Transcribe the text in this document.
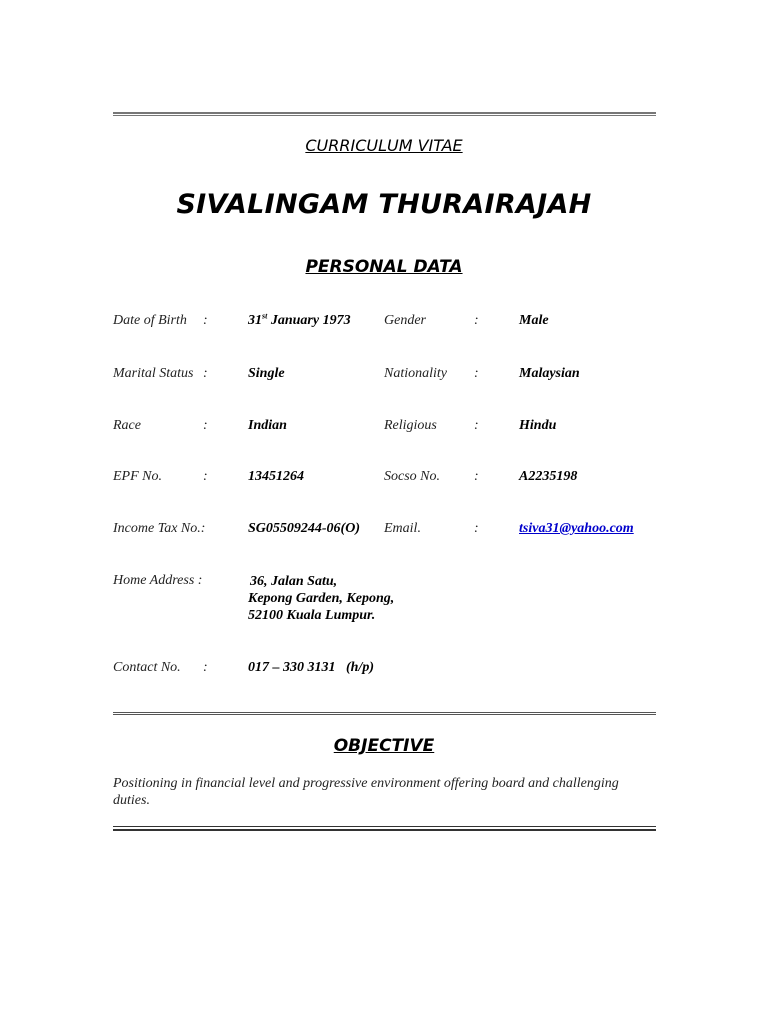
CURRICULUM VITAE
SIVALINGAM THURAIRAJAH
PERSONAL DATA
Date of Birth :	31st January 1973 Gender	:	Male
Marital Status :	Single	Nationality :	Malaysian
Race	:	Indian	Religious	:	Hindu
EPF No.	:	13451264	Socso No. :	A2235198
Income Tax No.:	SG05509244-06(O) Email.	:	tsiva31@yahoo.com
Home Address :	36, Jalan Satu,
Kepong Garden, Kepong,
52100 Kuala Lumpur.
Contact No. :	017 – 330 3131   (h/p)
OBJECTIVE
Positioning in financial level and progressive environment offering board and challenging duties.
